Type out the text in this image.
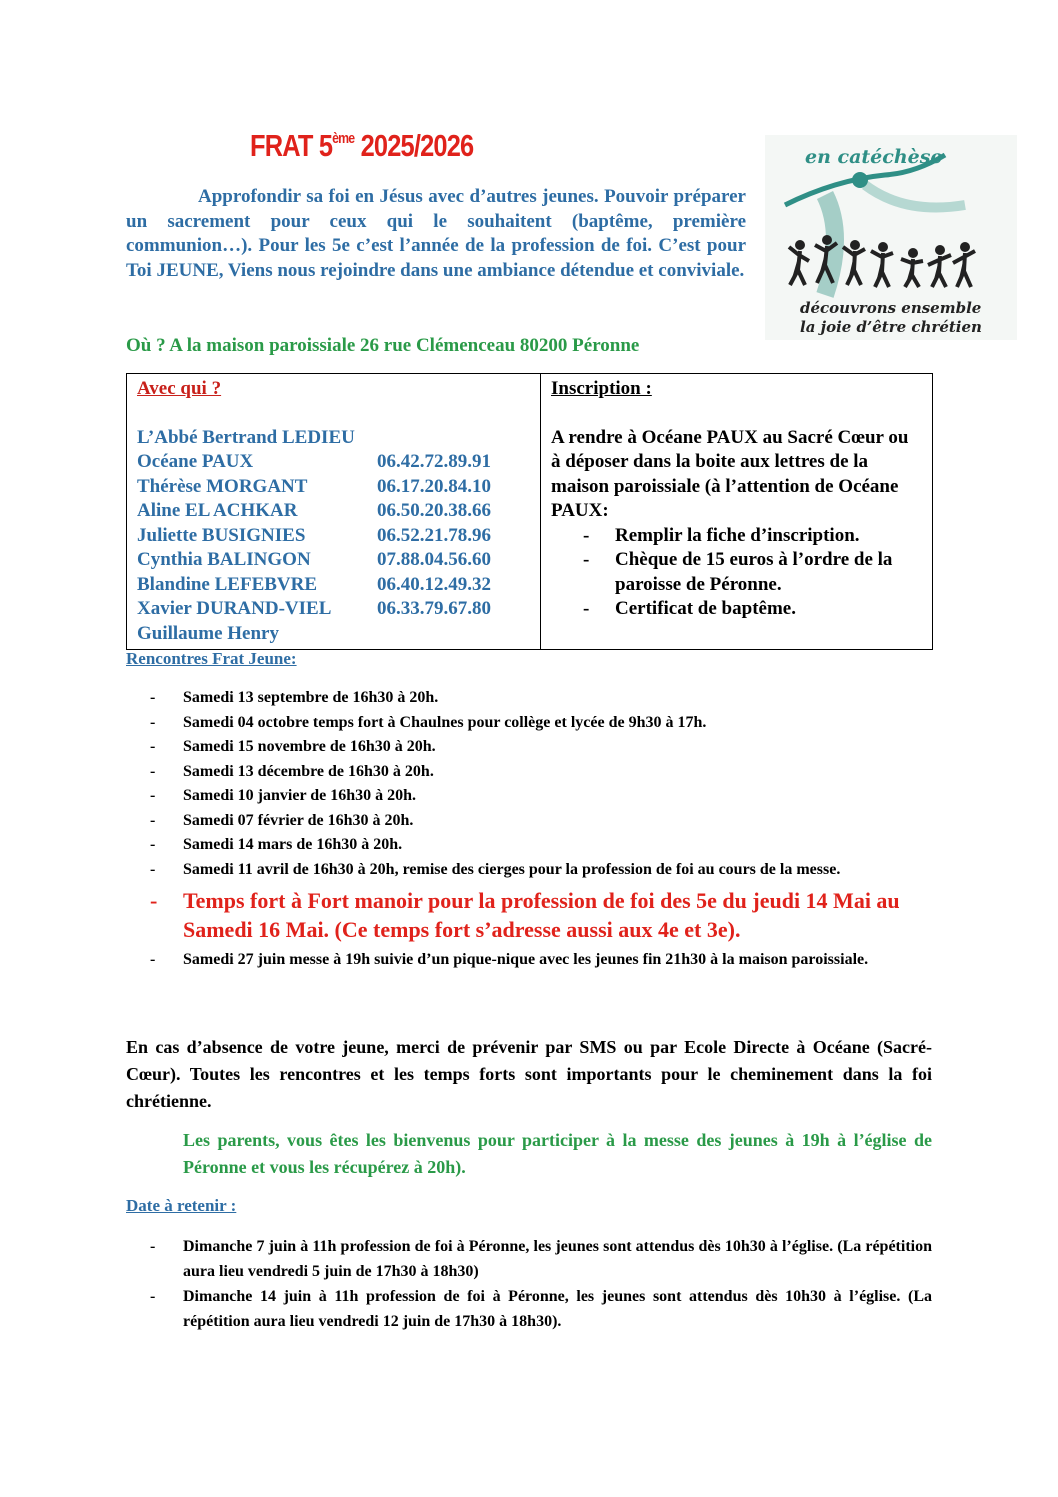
FRAT 5ème 2025/2026
Approfondir sa foi en Jésus avec d’autres jeunes. Pouvoir préparer un sacrement pour ceux qui le souhaitent (baptême, première communion…). Pour les 5e c’est l’année de la profession de foi. C’est pour Toi JEUNE, Viens nous rejoindre dans une ambiance détendue et conviviale.
en catéchèse
découvrons ensemble
la joie d’être chrétien
Où ? A la maison paroissiale 26 rue Clémenceau 80200 Péronne
Avec qui ?
L’Abbé Bertrand LEDIEU
Océane PAUX	06.42.72.89.91
Thérèse MORGANT	06.17.20.84.10
Aline EL ACHKAR	06.50.20.38.66
Juliette BUSIGNIES	06.52.21.78.96
Cynthia BALINGON	07.88.04.56.60
Blandine LEFEBVRE	06.40.12.49.32
Xavier DURAND-VIEL	06.33.79.67.80
Guillaume Henry

Inscription :
A rendre à Océane PAUX au Sacré Cœur ou à déposer dans la boite aux lettres de la maison paroissiale (à l’attention de Océane PAUX:
- Remplir la fiche d’inscription.
- Chèque de 15 euros à l’ordre de la paroisse de Péronne.
- Certificat de baptême.
Rencontres Frat Jeune:
- Samedi 13 septembre de 16h30 à 20h.
- Samedi 04 octobre temps fort à Chaulnes pour collège et lycée de 9h30 à 17h.
- Samedi 15 novembre de 16h30 à 20h.
- Samedi 13 décembre de 16h30 à 20h.
- Samedi 10 janvier de 16h30 à 20h.
- Samedi 07 février de 16h30 à 20h.
- Samedi 14 mars de 16h30 à 20h.
- Samedi 11 avril de 16h30 à 20h, remise des cierges pour la profession de foi au cours de la messe.
- Temps fort à Fort manoir pour la profession de foi des 5e du jeudi 14 Mai au Samedi 16 Mai. (Ce temps fort s’adresse aussi aux 4e et 3e).
- Samedi 27 juin messe à 19h suivie d’un pique-nique avec les jeunes fin 21h30 à la maison paroissiale.
En cas d’absence de votre jeune, merci de prévenir par SMS ou par Ecole Directe à Océane (Sacré-Cœur). Toutes les rencontres et les temps forts sont importants pour le cheminement dans la foi chrétienne.
Les parents, vous êtes les bienvenus pour participer à la messe des jeunes à 19h à l’église de Péronne et vous les récupérez à 20h).
Date à retenir :
- Dimanche 7 juin à 11h profession de foi à Péronne, les jeunes sont attendus dès 10h30 à l’église. (La répétition aura lieu vendredi 5 juin de 17h30 à 18h30)
- Dimanche 14 juin à 11h profession de foi à Péronne, les jeunes sont attendus dès 10h30 à l’église. (La répétition aura lieu vendredi 12 juin de 17h30 à 18h30).
